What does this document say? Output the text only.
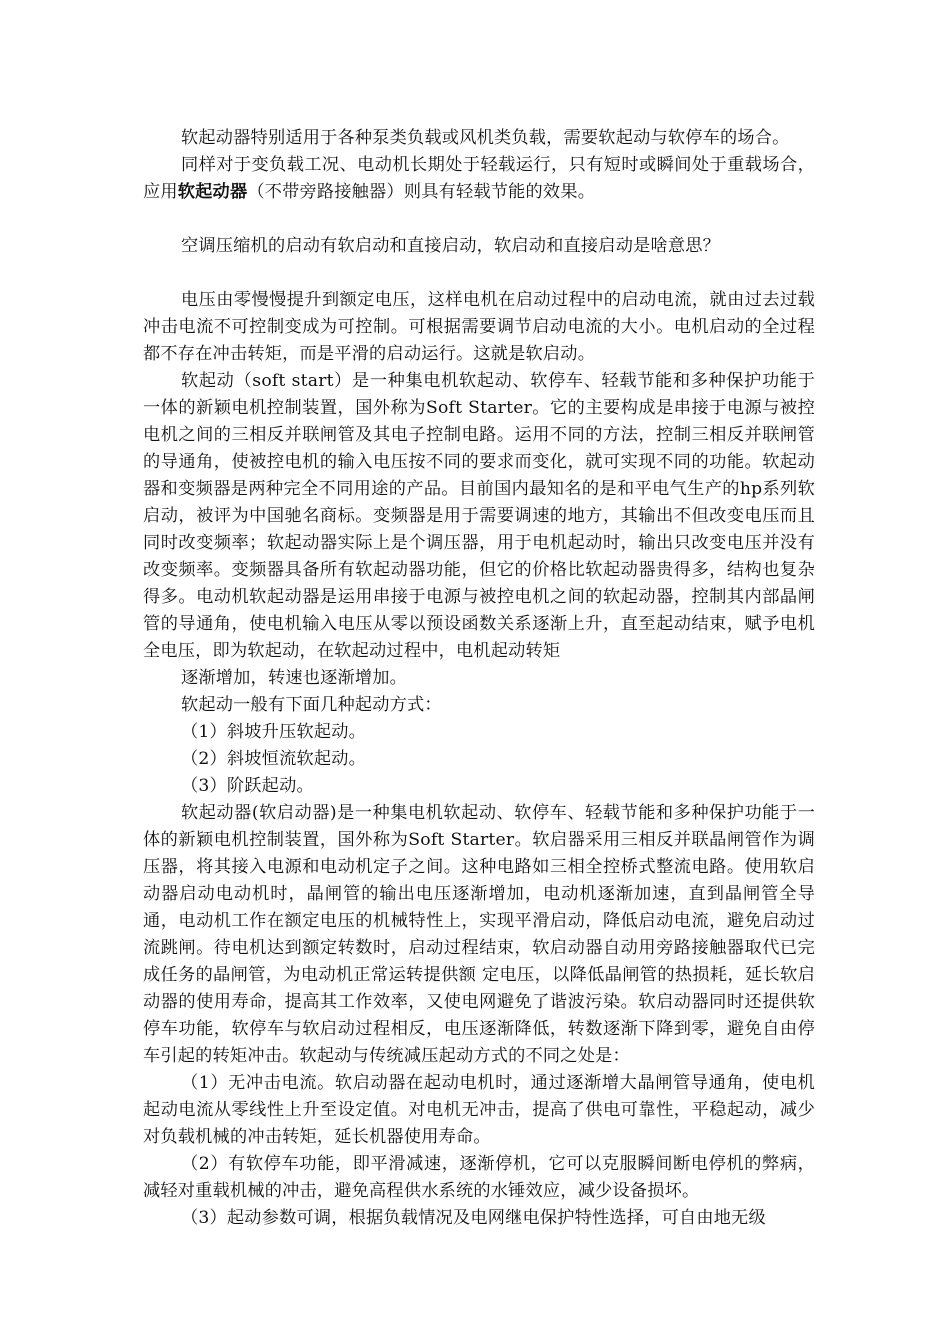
软起动器特别适用于各种泵类负载或风机类负载，需要软起动与软停车的场合。

同样对于变负载工况、电动机长期处于轻载运行，只有短时或瞬间处于重载场合，应用软起动器（不带旁路接触器）则具有轻载节能的效果。

空调压缩机的启动有软启动和直接启动，软启动和直接启动是啥意思？

电压由零慢慢提升到额定电压，这样电机在启动过程中的启动电流，就由过去过载冲击电流不可控制变成为可控制。可根据需要调节启动电流的大小。电机启动的全过程都不存在冲击转矩，而是平滑的启动运行。这就是软启动。

软起动（soft start）是一种集电机软起动、软停车、轻载节能和多种保护功能于一体的新颖电机控制装置，国外称为Soft Starter。它的主要构成是串接于电源与被控电机之间的三相反并联闸管及其电子控制电路。运用不同的方法，控制三相反并联闸管的导通角，使被控电机的输入电压按不同的要求而变化，就可实现不同的功能。软起动器和变频器是两种完全不同用途的产品。目前国内最知名的是和平电气生产的hp系列软启动，被评为中国驰名商标。变频器是用于需要调速的地方，其输出不但改变电压而且同时改变频率；软起动器实际上是个调压器，用于电机起动时，输出只改变电压并没有改变频率。变频器具备所有软起动器功能，但它的价格比软起动器贵得多，结构也复杂得多。电动机软起动器是运用串接于电源与被控电机之间的软起动器，控制其内部晶闸管的导通角，使电机输入电压从零以预设函数关系逐渐上升，直至起动结束，赋予电机全电压，即为软起动，在软起动过程中，电机起动转矩

逐渐增加，转速也逐渐增加。

软起动一般有下面几种起动方式：

（1）斜坡升压软起动。

（2）斜坡恒流软起动。

（3）阶跃起动。

软起动器(软启动器)是一种集电机软起动、软停车、轻载节能和多种保护功能于一体的新颖电机控制装置，国外称为Soft Starter。软启器采用三相反并联晶闸管作为调压器，将其接入电源和电动机定子之间。这种电路如三相全控桥式整流电路。使用软启动器启动电动机时，晶闸管的输出电压逐渐增加，电动机逐渐加速，直到晶闸管全导通，电动机工作在额定电压的机械特性上，实现平滑启动，降低启动电流，避免启动过流跳闸。待电机达到额定转数时，启动过程结束，软启动器自动用旁路接触器取代已完成任务的晶闸管，为电动机正常运转提供额 定电压，以降低晶闸管的热损耗，延长软启动器的使用寿命，提高其工作效率，又使电网避免了谐波污染。软启动器同时还提供软停车功能，软停车与软启动过程相反，电压逐渐降低，转数逐渐下降到零，避免自由停车引起的转矩冲击。软起动与传统减压起动方式的不同之处是：

（1）无冲击电流。软启动器在起动电机时，通过逐渐增大晶闸管导通角，使电机起动电流从零线性上升至设定值。对电机无冲击，提高了供电可靠性，平稳起动，减少对负载机械的冲击转矩，延长机器使用寿命。

（2）有软停车功能，即平滑减速，逐渐停机，它可以克服瞬间断电停机的弊病，减轻对重载机械的冲击，避免高程供水系统的水锤效应，减少设备损坏。

（3）起动参数可调，根据负载情况及电网继电保护特性选择，可自由地无级
